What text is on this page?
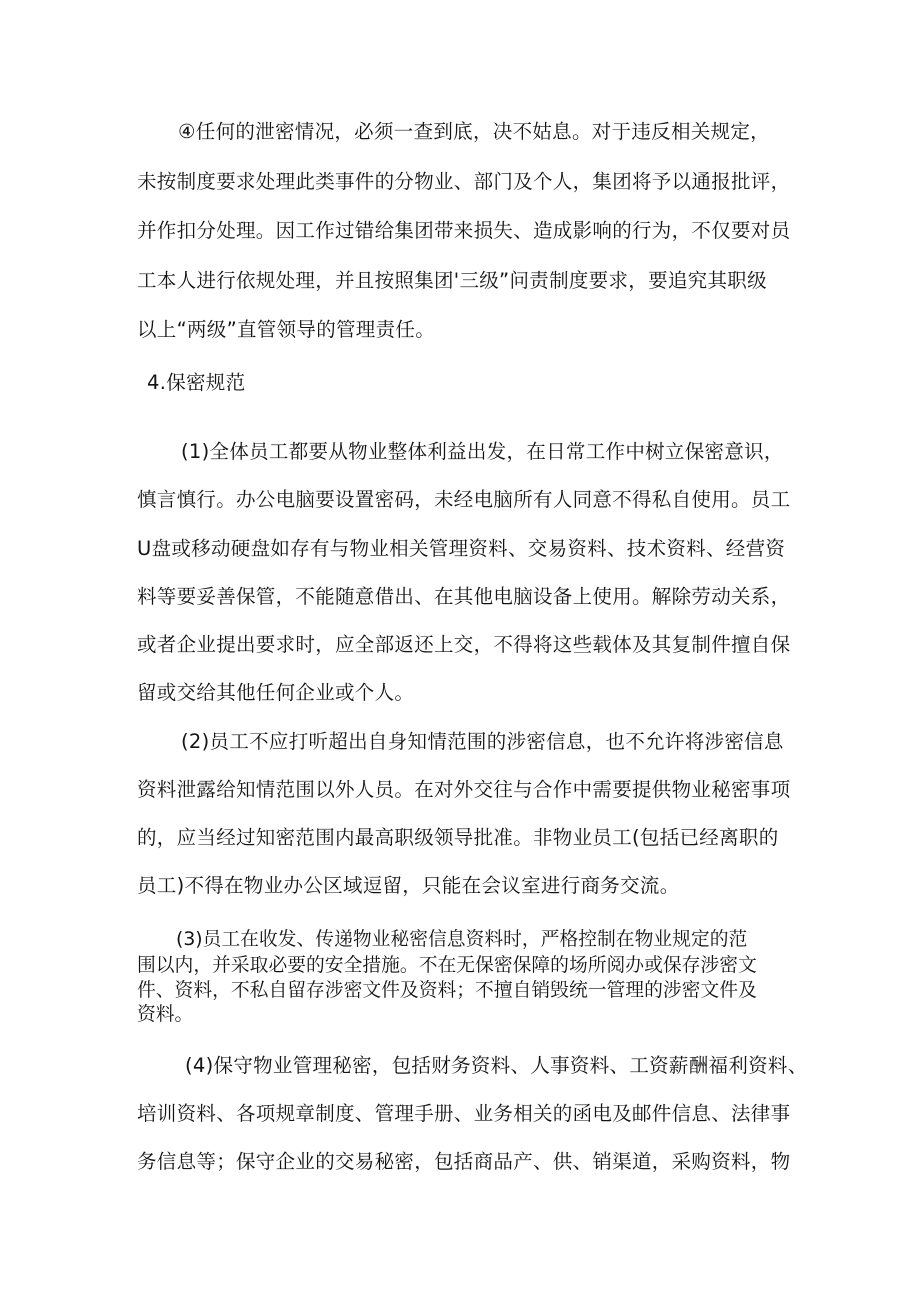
④任何的泄密情况，必须一查到底，决不姑息。对于违反相关规定，
未按制度要求处理此类事件的分物业、部门及个人，集团将予以通报批评，
并作扣分处理。因工作过错给集团带来损失、造成影响的行为，不仅要对员
工本人进行依规处理，并且按照集团'三级”问责制度要求，要追究其职级
以上“两级”直管领导的管理责任。
4.保密规范
(1)全体员工都要从物业整体利益出发，在日常工作中树立保密意识，
慎言慎行。办公电脑要设置密码，未经电脑所有人同意不得私自使用。员工
U盘或移动硬盘如存有与物业相关管理资料、交易资料、技术资料、经营资
料等要妥善保管，不能随意借出、在其他电脑设备上使用。解除劳动关系，
或者企业提出要求时，应全部返还上交，不得将这些载体及其复制件擅自保
留或交给其他任何企业或个人。
(2)员工不应打听超出自身知情范围的涉密信息，也不允许将涉密信息
资料泄露给知情范围以外人员。在对外交往与合作中需要提供物业秘密事项
的，应当经过知密范围内最高职级领导批准。非物业员工(包括已经离职的
员工)不得在物业办公区域逗留，只能在会议室进行商务交流。
(3)员工在收发、传递物业秘密信息资料时，严格控制在物业规定的范
围以内，并采取必要的安全措施。不在无保密保障的场所阅办或保存涉密文
件、资料，不私自留存涉密文件及资料；不擅自销毁统一管理的涉密文件及
资料。
(4)保守物业管理秘密，包括财务资料、人事资料、工资薪酬福利资料、
培训资料、各项规章制度、管理手册、业务相关的函电及邮件信息、法律事
务信息等；保守企业的交易秘密，包括商品产、供、销渠道，采购资料，物
